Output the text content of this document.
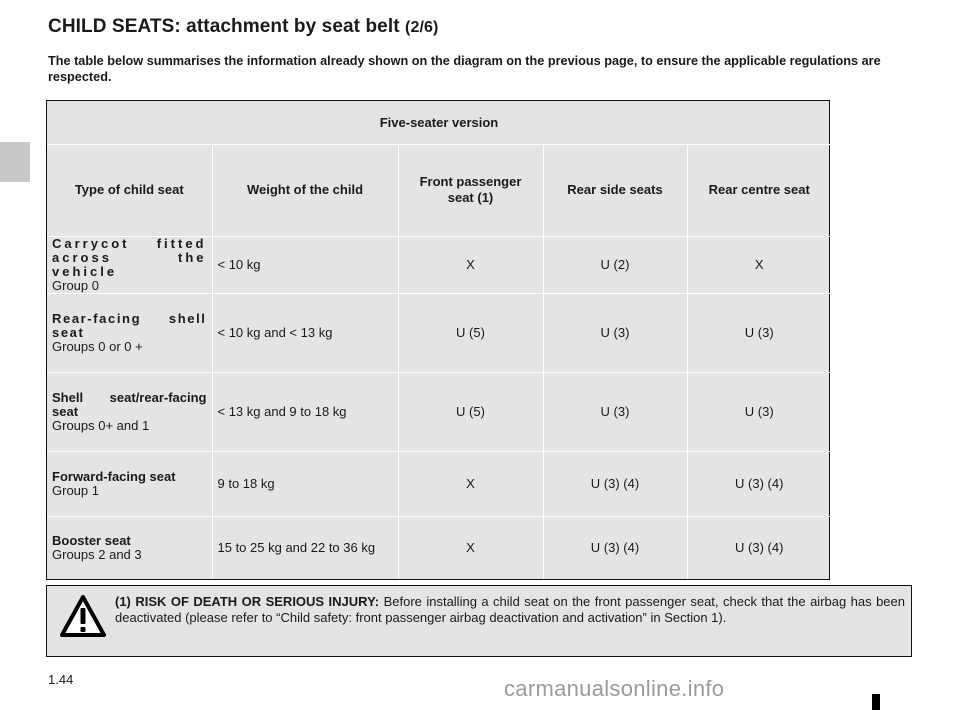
CHILD SEATS: attachment by seat belt (2/6)
The table below summarises the information already shown on the diagram on the previous page, to ensure the applicable regulations are respected.
Five-seater version				
Type of child seat	Weight of the child	Front passenger seat (1)	Rear side seats	Rear centre seat

Carrycot fitted across the vehicle
Group 0	< 10 kg	X	U (2)	X

Rear-facing shell seat
Groups 0 or 0 +	< 10 kg and < 13 kg	U (5)	U (3)	U (3)

Shell seat/rear-facing seat
Groups 0+ and 1	< 13 kg and 9 to 18 kg	U (5)	U (3)	U (3)

Forward-facing seat
Group 1	9 to 18 kg	X	U (3) (4)	U (3) (4)

Booster seat
Groups 2 and 3	15 to 25 kg and 22 to 36 kg	X	U (3) (4)	U (3) (4)
(1) RISK OF DEATH OR SERIOUS INJURY: Before installing a child seat on the front passenger seat, check that the airbag has been deactivated (please refer to “Child safety: front passenger airbag deactivation and activation” in Section 1).
1.44	carmanualsonline.info
